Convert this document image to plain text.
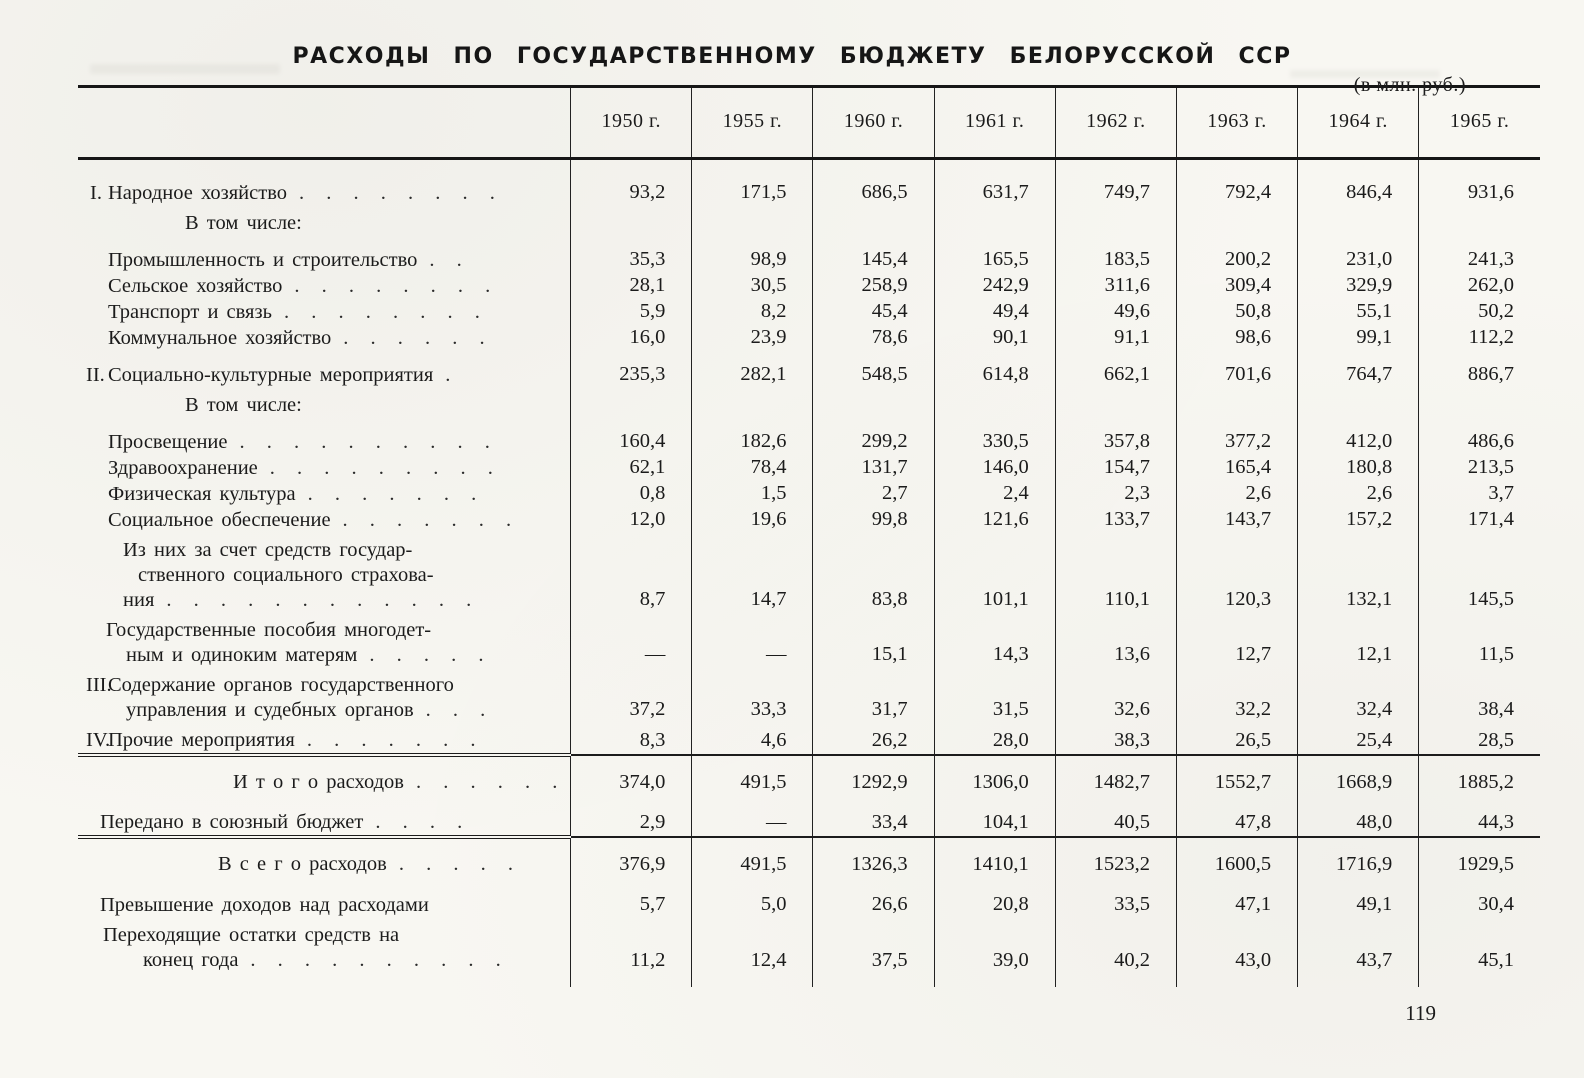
РАСХОДЫ ПО ГОСУДАРСТВЕННОМУ БЮДЖЕТУ БЕЛОРУССКОЙ ССР
(в млн. руб.)
	1950 г.	1955 г.	1960 г.	1961 г.	1962 г.	1963 г.	1964 г.	1965 г.

I. Народное хозяйство . . . . . . . .	93,2	171,5	686,5	631,7	749,7	792,4	846,4	931,6

В том числе:								

Промышленность и строительство . .	35,3	98,9	145,4	165,5	183,5	200,2	231,0	241,3

Сельское хозяйство . . . . . . . .	28,1	30,5	258,9	242,9	311,6	309,4	329,9	262,0

Транспорт и связь . . . . . . . .	5,9	8,2	45,4	49,4	49,6	50,8	55,1	50,2

Коммунальное хозяйство . . . . . .	16,0	23,9	78,6	90,1	91,1	98,6	99,1	112,2

II. Социально-культурные мероприятия .	235,3	282,1	548,5	614,8	662,1	701,6	764,7	886,7

В том числе:								

Просвещение . . . . . . . . . .	160,4	182,6	299,2	330,5	357,8	377,2	412,0	486,6

Здравоохранение . . . . . . . . .	62,1	78,4	131,7	146,0	154,7	165,4	180,8	213,5

Физическая культура . . . . . . .	0,8	1,5	2,7	2,4	2,3	2,6	2,6	3,7

Социальное обеспечение . . . . . . .	12,0	19,6	99,8	121,6	133,7	143,7	157,2	171,4

Из них за счет средств государ-
ственного социального страхова-
ния . . . . . . . . . . . .	8,7	14,7	83,8	101,1	110,1	120,3	132,1	145,5

Государственные пособия многодет-
ным и одиноким матерям . . . . .	—	—	15,1	14,3	13,6	12,7	12,1	11,5

III.
Содержание органов государственного
управления и судебных органов . . .	37,2	33,3	31,7	31,5	32,6	32,2	32,4	38,4

IV.
Прочие мероприятия . . . . . . .	8,3	4,6	26,2	28,0	38,3	26,5	25,4	28,5

И т о г о расходов . . . . . .	374,0	491,5	1292,9	1306,0	1482,7	1552,7	1668,9	1885,2

Передано в союзный бюджет . . . .	2,9	—	33,4	104,1	40,5	47,8	48,0	44,3

В с е г о расходов . . . . .	376,9	491,5	1326,3	1410,1	1523,2	1600,5	1716,9	1929,5

Превышение доходов над расходами	5,7	5,0	26,6	20,8	33,5	47,1	49,1	30,4

Переходящие остатки средств на
конец года . . . . . . . . . .	11,2	12,4	37,5	39,0	40,2	43,0	43,7	45,1
119
